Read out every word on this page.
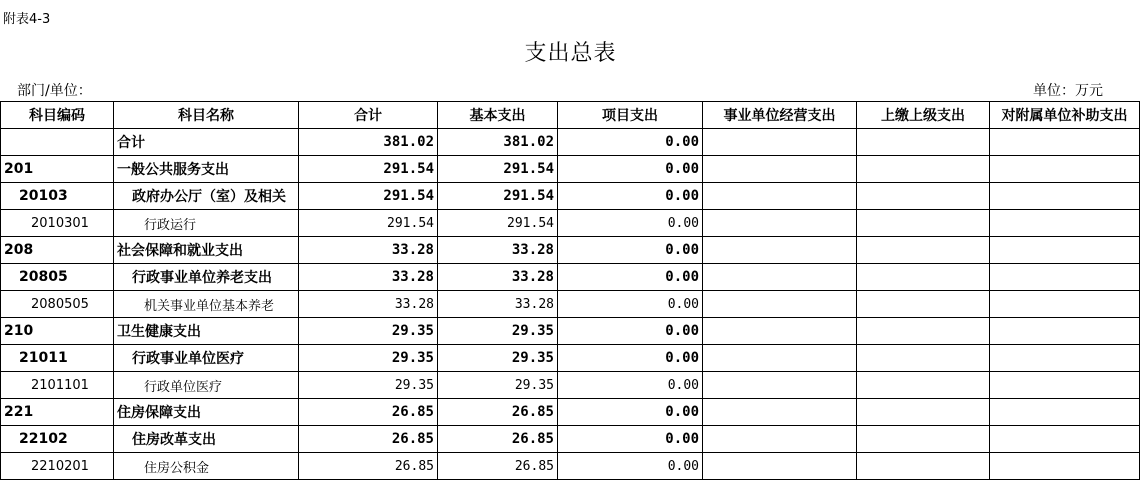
附表4-3
支出总表
部门/单位：	单位：万元
科目编码	科目名称	合计	基本支出	项目支出	事业单位经营支出	上缴上级支出	对附属单位补助支出
	合计	381.02	381.02	0.00			
201	一般公共服务支出	291.54	291.54	0.00			
20103	政府办公厅（室）及相关	291.54	291.54	0.00			
2010301	行政运行	291.54	291.54	0.00			
208	社会保障和就业支出	33.28	33.28	0.00			
20805	行政事业单位养老支出	33.28	33.28	0.00			
2080505	机关事业单位基本养老	33.28	33.28	0.00			
210	卫生健康支出	29.35	29.35	0.00			
21011	行政事业单位医疗	29.35	29.35	0.00			
2101101	行政单位医疗	29.35	29.35	0.00			
221	住房保障支出	26.85	26.85	0.00			
22102	住房改革支出	26.85	26.85	0.00			
2210201	住房公积金	26.85	26.85	0.00			
